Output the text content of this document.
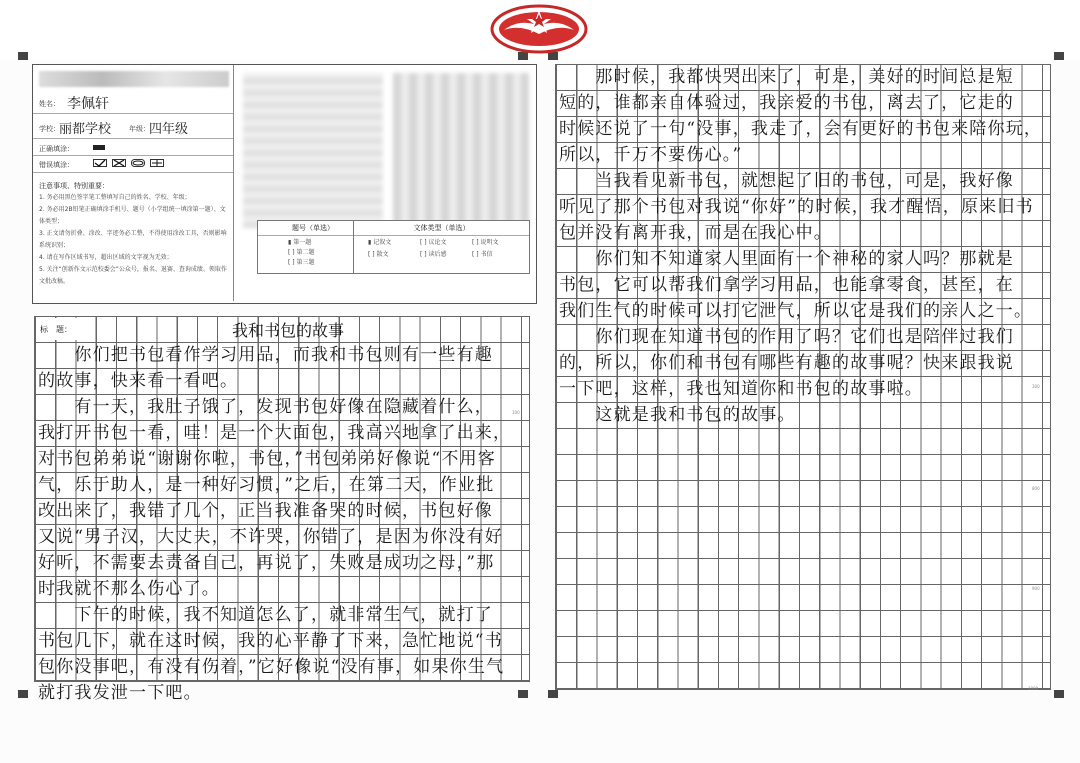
姓名： 李佩轩
学校： 丽都学校	年级： 四年级
正确填涂：
错误填涂：
注意事项、特别重要：
1. 务必用黑色签字笔工整填写自己的姓名、学校、年级；
2. 务必用2B铅笔正确填涂手机号、题号（小学组统一填涂第一题）、文体类型；
3. 正文请勿折叠、涂改、字迹务必工整，不得使用涂改工具，否则影响系统识别；
4. 请在写作区域书写，超出区域的文字视为无效；
5. 关注“创新作文示范校委会”公众号，报名、退赛、查询成绩、领取作文批改稿。
题号（单选）
▮ 第一题
[ ] 第二题
[ ] 第三题
文体类型（单选）
▮ 记叙文	[ ] 议论文	[ ] 说明文
[ ] 散文	[ ] 读后感	[ ] 书信
标　题：	我和书包的故事
　　你们把书包看作学习用品，而我和书包则有一些有趣
的故事，快来看一看吧。
　　有一天，我肚子饿了，发现书包好像在隐藏着什么，
我打开书包一看，哇！是一个大面包，我高兴地拿了出来，
对书包弟弟说“谢谢你啦，书包，”书包弟弟好像说“不用客
气，乐于助人，是一种好习惯，”之后，在第二天，作业批
改出来了，我错了几个，正当我准备哭的时候，书包好像
又说“男子汉，大丈夫，不许哭，你错了，是因为你没有好
好听，不需要去责备自己，再说了，失败是成功之母，”那
时我就不那么伤心了。
　　下午的时候，我不知道怎么了，就非常生气，就打了
书包几下，就在这时候，我的心平静了下来，急忙地说“书
包你没事吧，有没有伤着，”它好像说“没有事，如果你生气
就打我发泄一下吧。
100
　　那时候，我都快哭出来了，可是，美好的时间总是短
短的，谁都亲自体验过，我亲爱的书包，离去了，它走的
时候还说了一句“没事，我走了，会有更好的书包来陪你玩，
所以，千万不要伤心。”
　　当我看见新书包，就想起了旧的书包，可是，我好像
听见了那个书包对我说“你好”的时候，我才醒悟，原来旧书
包并没有离开我，而是在我心中。
　　你们知不知道家人里面有一个神秘的家人吗？那就是
书包，它可以帮我们拿学习用品，也能拿零食，甚至，在
我们生气的时候可以打它泄气，所以它是我们的亲人之一。
　　你们现在知道书包的作用了吗？它们也是陪伴过我们
的，所以，你们和书包有哪些有趣的故事呢？快来跟我说
一下吧，这样，我也知道你和书包的故事啦。
　　这就是我和书包的故事。
300
800
900
1000
